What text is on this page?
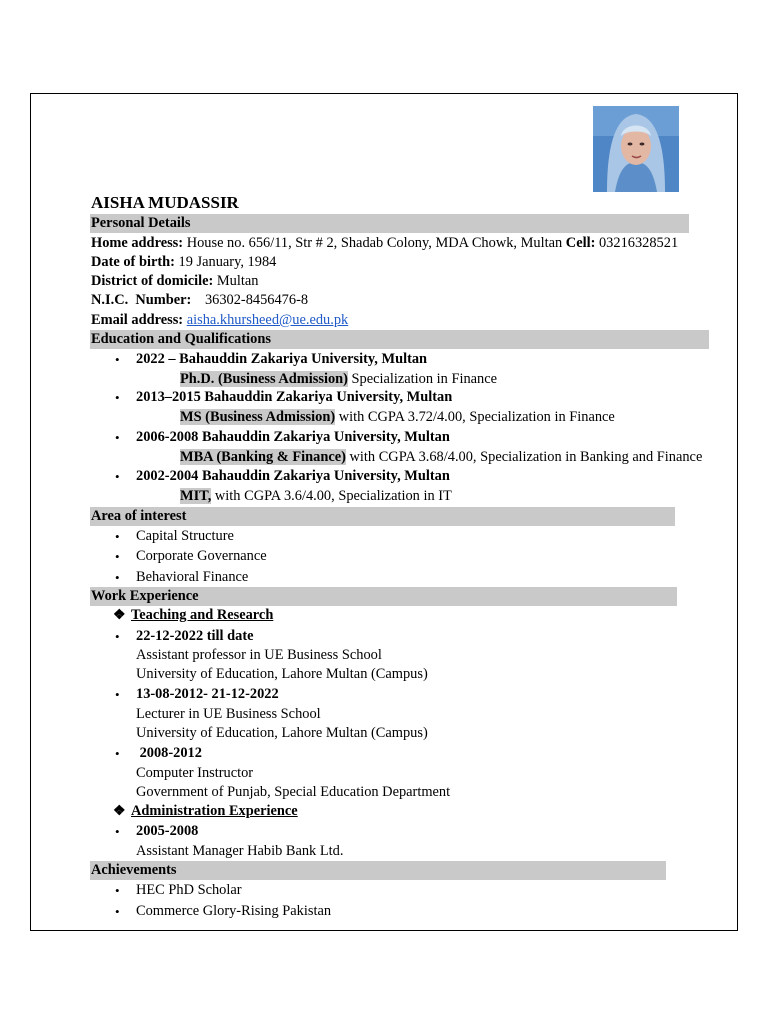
AISHA MUDASSIR
Personal Details
Home address: House no. 656/11, Str # 2, Shadab Colony, MDA Chowk, Multan Cell: 03216328521
Date of birth: 19 January, 1984
District of domicile: Multan
N.I.C.  Number: 36302-8456476-8
Email address: aisha.khursheed@ue.edu.pk
Education and Qualifications
• 2022 – Bahauddin Zakariya University, Multan
Ph.D. (Business Admission) Specialization in Finance
• 2013–2015 Bahauddin Zakariya University, Multan
MS (Business Admission) with CGPA 3.72/4.00, Specialization in Finance
• 2006-2008 Bahauddin Zakariya University, Multan
MBA (Banking & Finance) with CGPA 3.68/4.00, Specialization in Banking and Finance
• 2002-2004 Bahauddin Zakariya University, Multan
MIT, with CGPA 3.6/4.00, Specialization in IT
Area of interest
• Capital Structure
• Corporate Governance
• Behavioral Finance
Work Experience
❖ Teaching and Research
• 22-12-2022 till date
Assistant professor in UE Business School
University of Education, Lahore Multan (Campus)
• 13-08-2012- 21-12-2022
Lecturer in UE Business School
University of Education, Lahore Multan (Campus)
• 2008-2012
Computer Instructor
Government of Punjab, Special Education Department
❖ Administration Experience
• 2005-2008
Assistant Manager Habib Bank Ltd.
Achievements
• HEC PhD Scholar
• Commerce Glory-Rising Pakistan
